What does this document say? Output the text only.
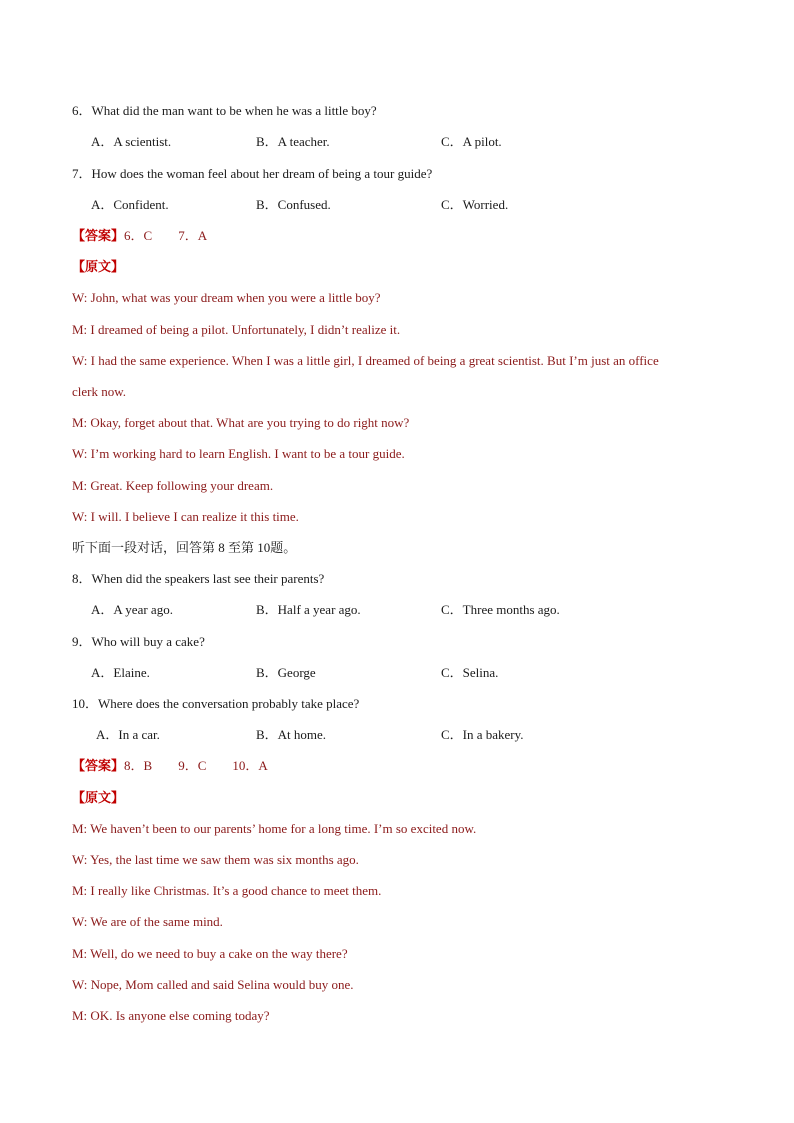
6．What did the man want to be when he was a little boy?
A．A scientist.	B．A teacher.	C．A pilot.
7．How does the woman feel about her dream of being a tour guide?
A．Confident.	B．Confused.	C．Worried.
【答案】6．C 7．A
【原文】
W: John, what was your dream when you were a little boy?
M: I dreamed of being a pilot. Unfortunately, I didn’t realize it.
W: I had the same experience. When I was a little girl, I dreamed of being a great scientist. But I’m just an office
clerk now.
M: Okay, forget about that. What are you trying to do right now?
W: I’m working hard to learn English. I want to be a tour guide.
M: Great. Keep following your dream.
W: I will. I believe I can realize it this time.
听下面一段对话，回答第 8 至第 10题。
8．When did the speakers last see their parents?
A．A year ago.	B．Half a year ago.	C．Three months ago.
9．Who will buy a cake?
A．Elaine.	B．George	C．Selina.
10．Where does the conversation probably take place?
A．In a car.	B．At home.	C．In a bakery.
【答案】8．B 9．C 10．A
【原文】
M: We haven’t been to our parents’ home for a long time. I’m so excited now.
W: Yes, the last time we saw them was six months ago.
M: I really like Christmas. It’s a good chance to meet them.
W: We are of the same mind.
M: Well, do we need to buy a cake on the way there?
W: Nope, Mom called and said Selina would buy one.
M: OK. Is anyone else coming today?
